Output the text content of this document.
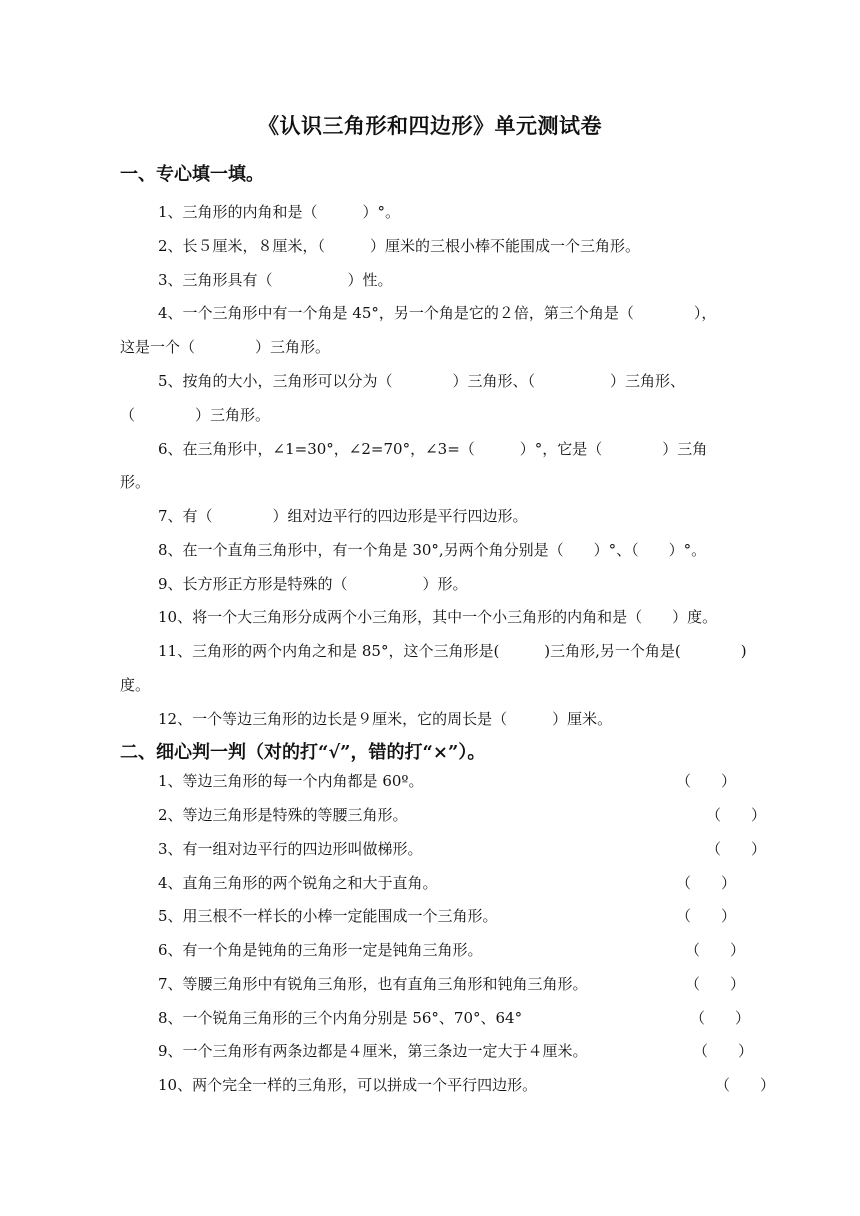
《认识三角形和四边形》单元测试卷
一、专心填一填。
1、三角形的内角和是（　　　）°。
2、长５厘米，８厘米，（　　　）厘米的三根小棒不能围成一个三角形。
3、三角形具有（　　　　　）性。
4、一个三角形中有一个角是 45°，另一个角是它的２倍，第三个角是（　　　　），
这是一个（　　　　）三角形。
5、按角的大小，三角形可以分为（　　　　）三角形、（　　　　　）三角形、
（　　　　）三角形。
6、在三角形中，∠1=30°，∠2=70°，∠3=（　　　）°，它是（　　　　）三角
形。
7、有（　　　　）组对边平行的四边形是平行四边形。
8、在一个直角三角形中，有一个角是 30°,另两个角分别是（　　）°、（　　）°。
9、长方形正方形是特殊的（　　　　　）形。
10、将一个大三角形分成两个小三角形，其中一个小三角形的内角和是（　　）度。
11、三角形的两个内角之和是 85°，这个三角形是(　　　)三角形,另一个角是(　　　　)
度。
12、一个等边三角形的边长是９厘米，它的周长是（　　　）厘米。
二、细心判一判（对的打“√”，错的打“×”）。
1、等边三角形的每一个内角都是 60º。	（　　）
2、等边三角形是特殊的等腰三角形。	（　　）
3、有一组对边平行的四边形叫做梯形。	（　　）
4、直角三角形的两个锐角之和大于直角。	（　　）
5、用三根不一样长的小棒一定能围成一个三角形。	（　　）
6、有一个角是钝角的三角形一定是钝角三角形。	（　　）
7、等腰三角形中有锐角三角形，也有直角三角形和钝角三角形。	（　　）
8、一个锐角三角形的三个内角分别是 56°、70°、64°	（　　）
9、一个三角形有两条边都是４厘米，第三条边一定大于４厘米。	（　　）
10、两个完全一样的三角形，可以拼成一个平行四边形。	（　　）
